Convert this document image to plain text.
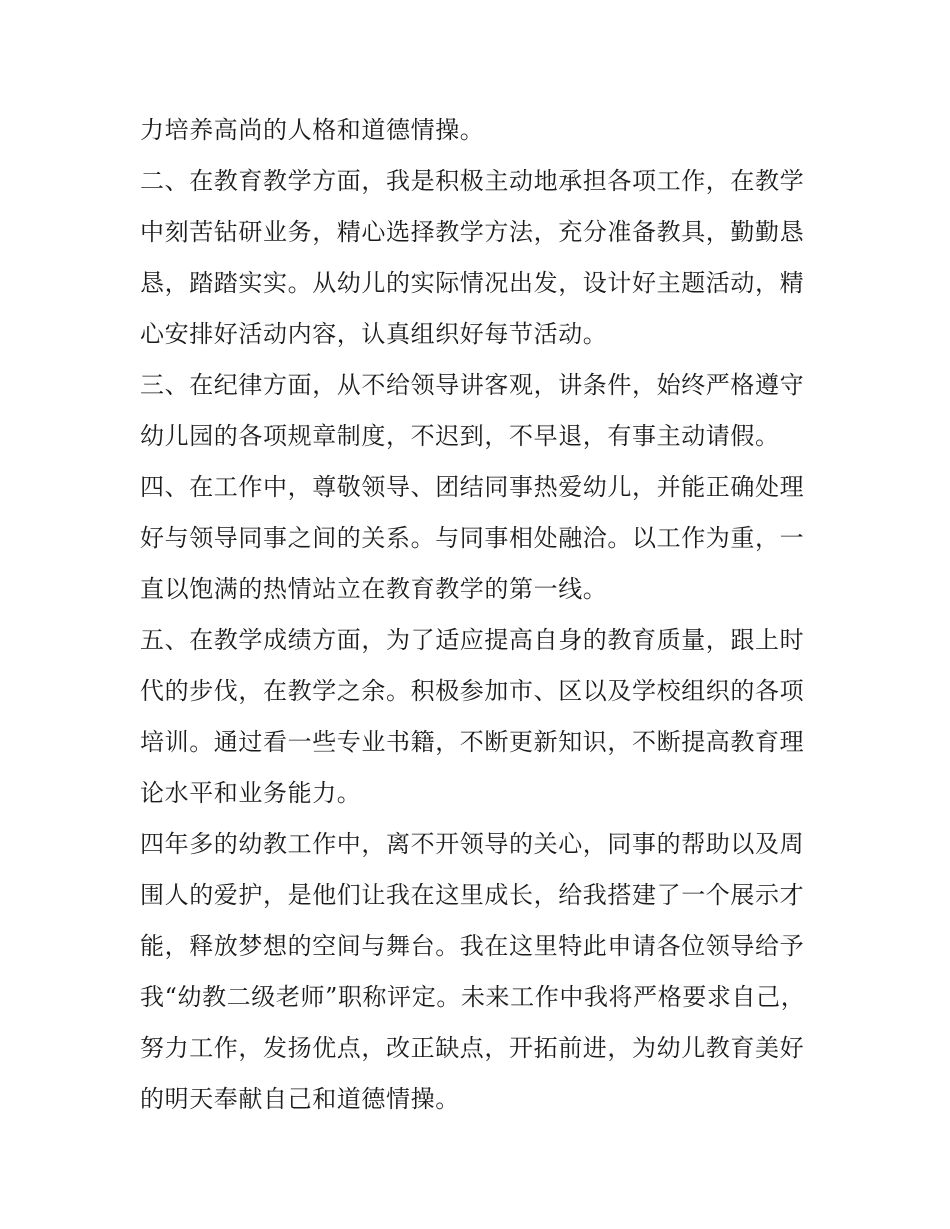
力培养高尚的人格和道德情操。
二、在教育教学方面，我是积极主动地承担各项工作，在教学
中刻苦钻研业务，精心选择教学方法，充分准备教具，勤勤恳
恳，踏踏实实。从幼儿的实际情况出发，设计好主题活动，精
心安排好活动内容，认真组织好每节活动。
三、在纪律方面，从不给领导讲客观，讲条件，始终严格遵守
幼儿园的各项规章制度，不迟到，不早退，有事主动请假。
四、在工作中，尊敬领导、团结同事热爱幼儿，并能正确处理
好与领导同事之间的关系。与同事相处融洽。以工作为重，一
直以饱满的热情站立在教育教学的第一线。
五、在教学成绩方面，为了适应提高自身的教育质量，跟上时
代的步伐，在教学之余。积极参加市、区以及学校组织的各项
培训。通过看一些专业书籍，不断更新知识，不断提高教育理
论水平和业务能力。
四年多的幼教工作中，离不开领导的关心，同事的帮助以及周
围人的爱护，是他们让我在这里成长，给我搭建了一个展示才
能，释放梦想的空间与舞台。我在这里特此申请各位领导给予
我“幼教二级老师”职称评定。未来工作中我将严格要求自己，
努力工作，发扬优点，改正缺点，开拓前进，为幼儿教育美好
的明天奉献自己和道德情操。
